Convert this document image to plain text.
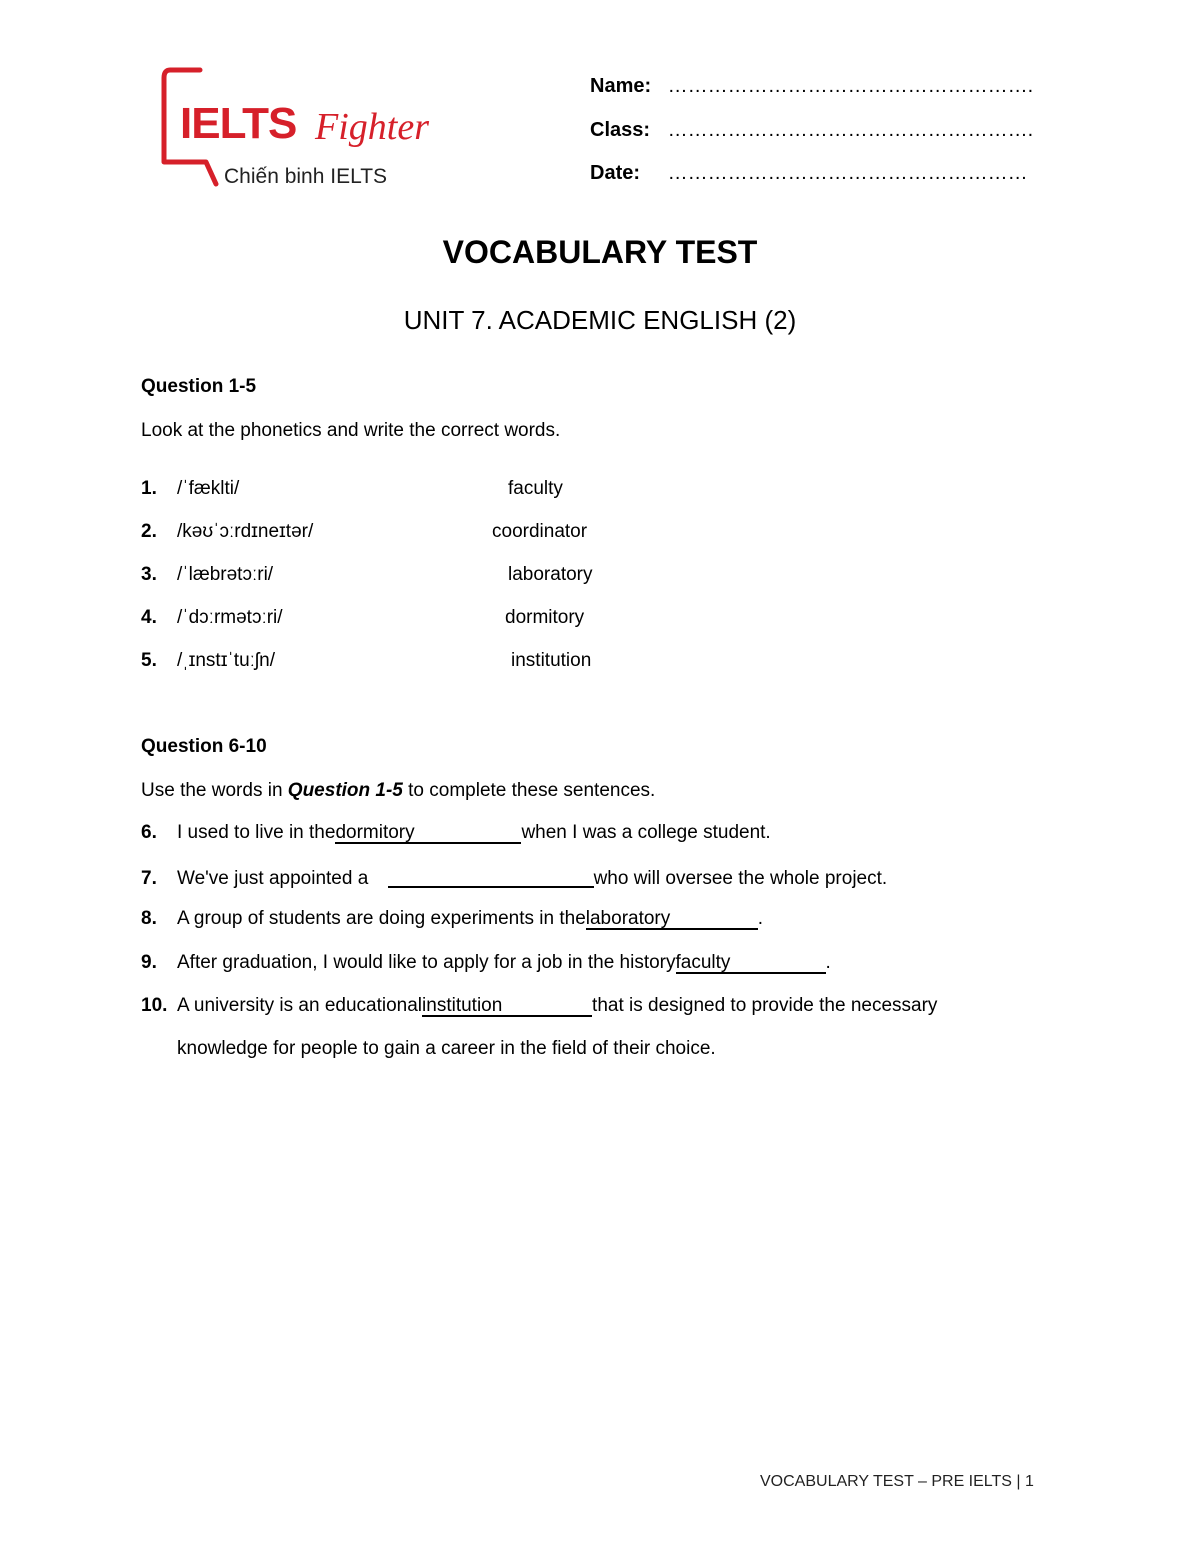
IELTS Fighter
Chiến binh IELTS
Name: ……………………………………………….
Class: ……………………………………………….
Date: ………………………………………………
VOCABULARY TEST
UNIT 7. ACADEMIC ENGLISH (2)
Question 1-5
Look at the phonetics and write the correct words.
1. /ˈfækltі/	faculty
2. /kəʊˈɔːrdɪneɪtər/	coordinator
3. /ˈlæbrətɔːri/	laboratory
4. /ˈdɔːrmətɔːri/	dormitory
5. /ˌɪnstɪˈtuːʃn/	institution
Question 6-10
Use the words in Question 1-5 to complete these sentences.
6. I used to live in thedormitory	when I was a college student.
7. We've just appointed a	who will oversee the whole project.
8. A group of students are doing experiments in thelaboratory	.
9. After graduation, I would like to apply for a job in the historyfaculty	.
10. A university is an educationalinstitution	that is designed to provide the necessary
knowledge for people to gain a career in the field of their choice.
VOCABULARY TEST – PRE IELTS | 1
